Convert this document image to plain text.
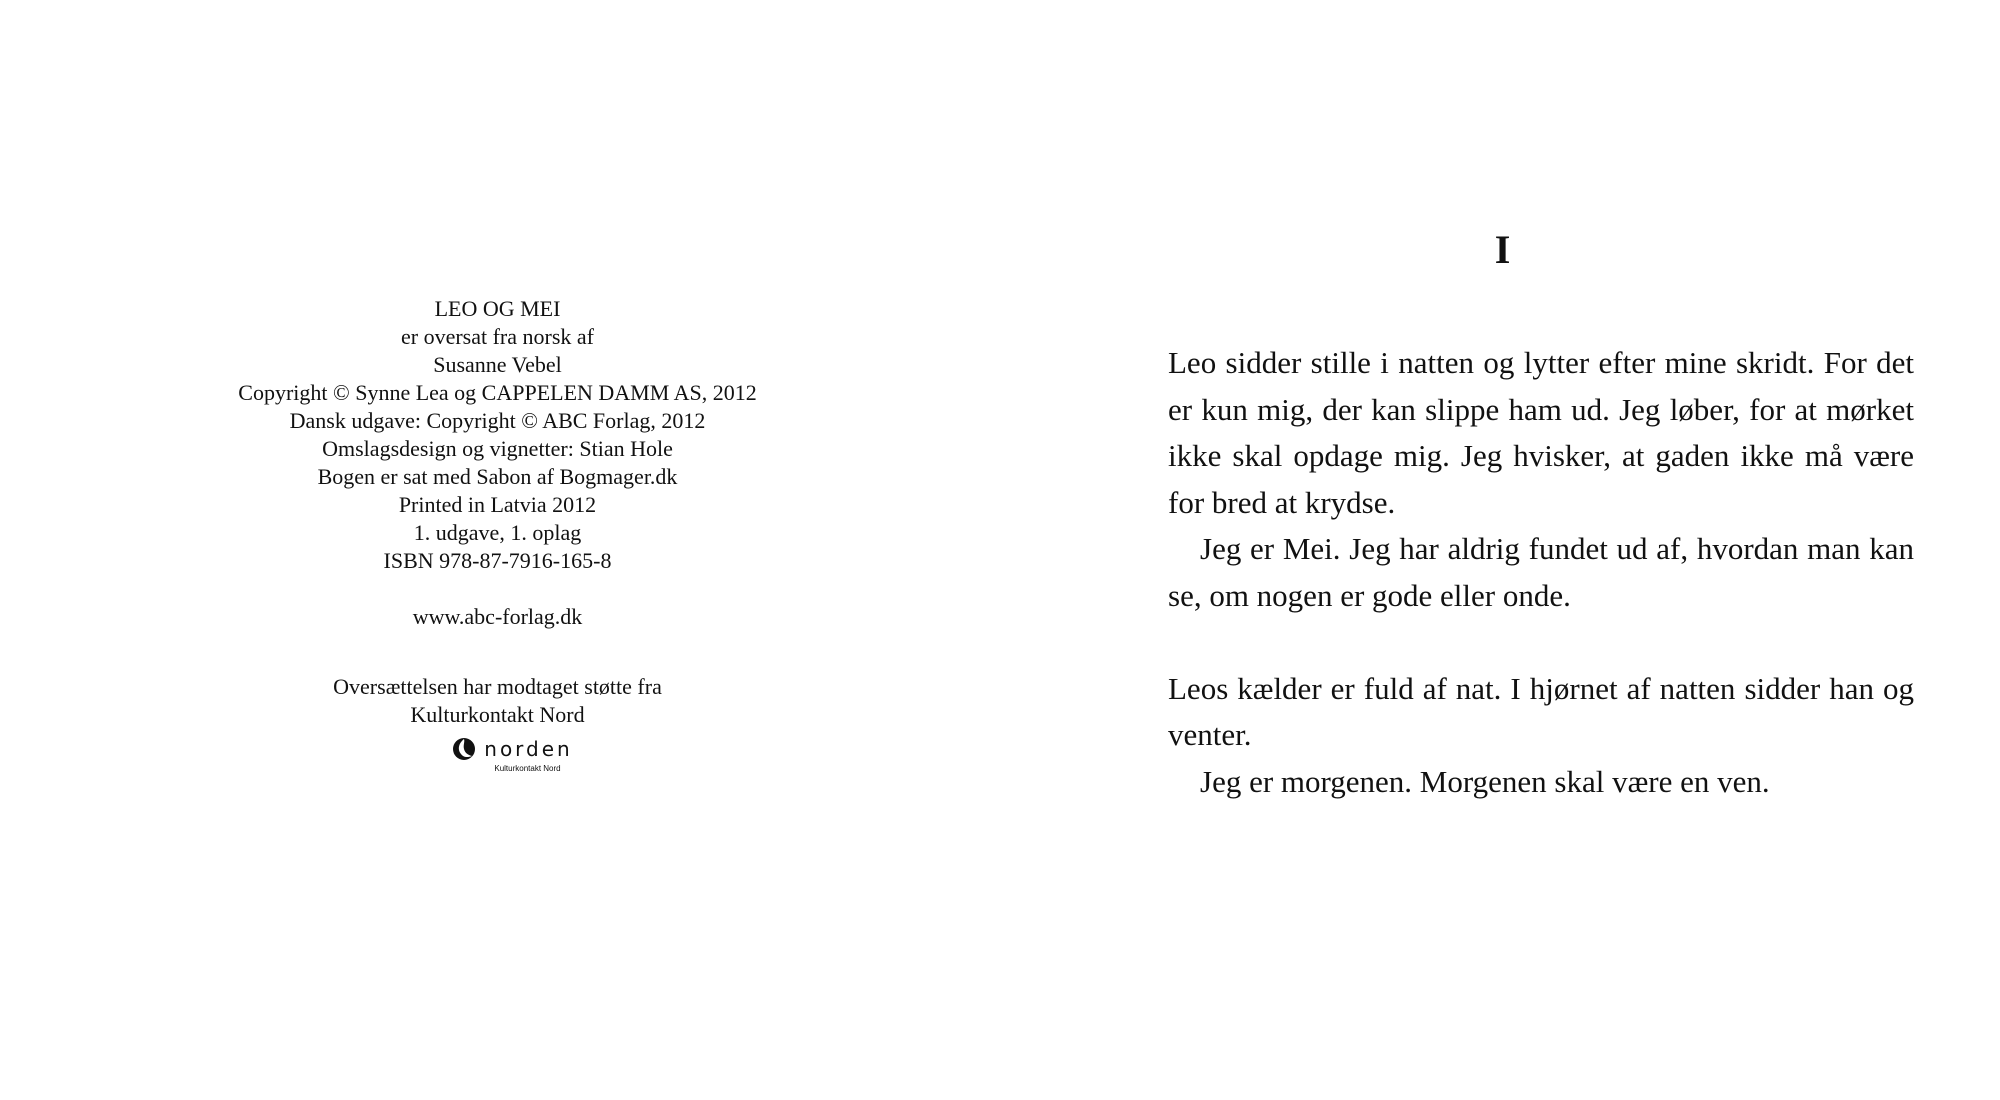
LEO OG MEI
er oversat fra norsk af
Susanne Vebel
Copyright © Synne Lea og CAPPELEN DAMM AS, 2012
Dansk udgave: Copyright © ABC Forlag, 2012
Omslagsdesign og vignetter: Stian Hole
Bogen er sat med Sabon af Bogmager.dk
Printed in Latvia 2012
1. udgave, 1. oplag
ISBN 978-87-7916-165-8
www.abc-forlag.dk
Oversættelsen har modtaget støtte fra
Kulturkontakt Nord
norden
Kulturkontakt Nord
I

Leo sidder stille i natten og lytter efter mine skridt. For det er kun mig, der kan slippe ham ud. Jeg løber, for at mørket ikke skal opdage mig. Jeg hvisker, at gaden ikke må være for bred at krydse.

Jeg er Mei. Jeg har aldrig fundet ud af, hvordan man kan se, om nogen er gode eller onde.

Leos kælder er fuld af nat. I hjørnet af natten sidder han og venter.

Jeg er morgenen. Morgenen skal være en ven.
